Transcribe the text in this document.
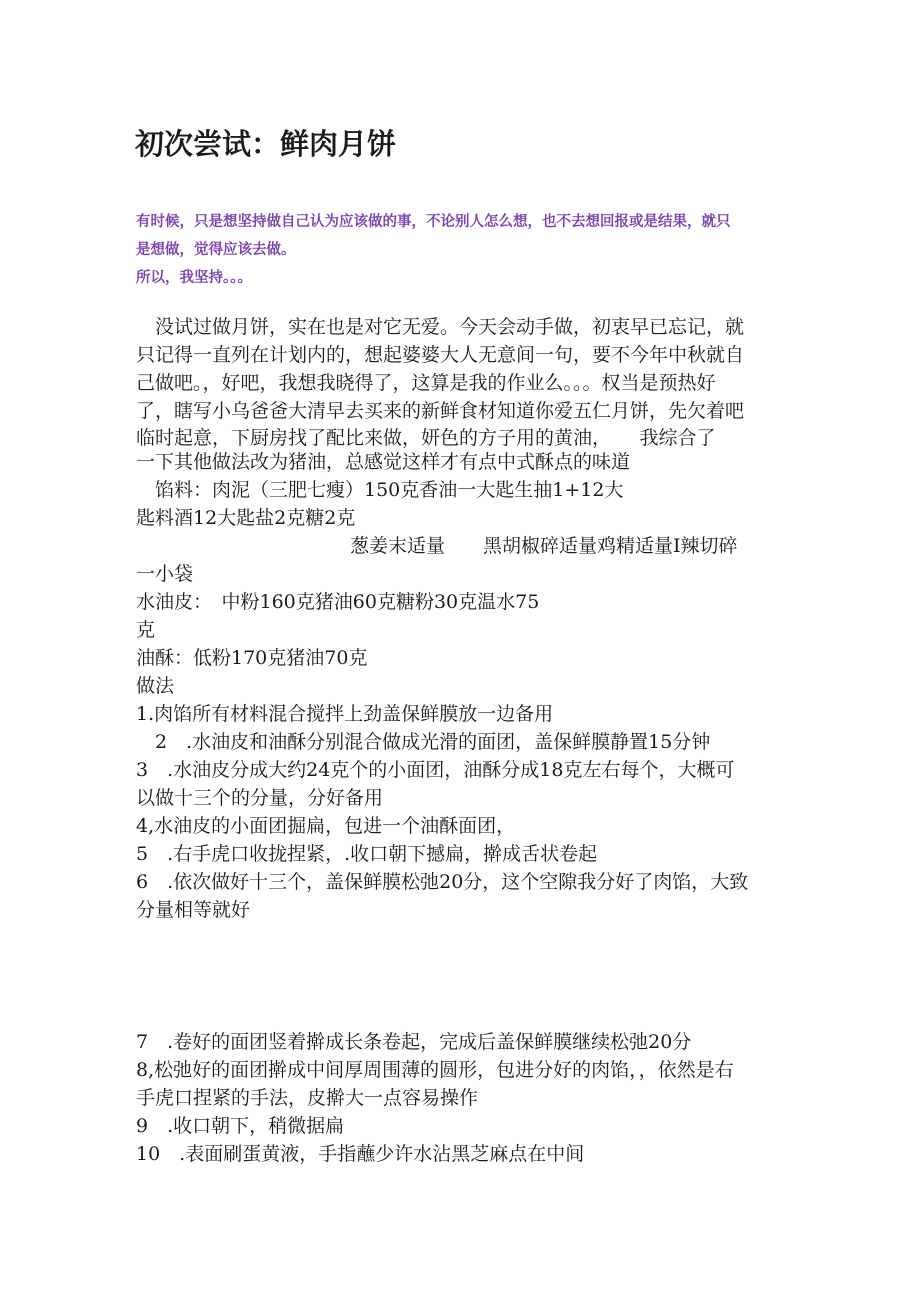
初次尝试：鲜肉月饼
有时候，只是想坚持做自己认为应该做的事，不论别人怎么想，也不去想回报或是结果，就只
是想做，觉得应该去做。
所以，我坚持。。。
　没试过做月饼，实在也是对它无爱。今天会动手做，初衷早已忘记，就
只记得一直列在计划内的，想起婆婆大人无意间一句，要不今年中秋就自
己做吧。，好吧，我想我晓得了，这算是我的作业么。。。权当是预热好
了，瞎写小乌爸爸大清早去买来的新鲜食材知道你爱五仁月饼，先欠着吧
临时起意，下厨房找了配比来做，妍色的方子用的黄油，　　我综合了
一下其他做法改为猪油，总感觉这样才有点中式酥点的味道
　馅料：肉泥（三肥七瘦）150克香油一大匙生抽1+12大
匙料酒12大匙盐2克糖2克
葱姜末适量　　黑胡椒碎适量鸡精适量I辣切碎
一小袋
水油皮：　中粉160克猪油60克糖粉30克温水75
克
油酥：低粉170克猪油70克
做法
1.肉馅所有材料混合搅拌上劲盖保鲜膜放一边备用
　2　.水油皮和油酥分别混合做成光滑的面团，盖保鲜膜静置15分钟
3　.水油皮分成大约24克个的小面团，油酥分成18克左右每个，大概可
以做十三个的分量，分好备用
4,水油皮的小面团掘扁，包进一个油酥面团，
5　.右手虎口收拢捏紧，.收口朝下撼扁，擀成舌状卷起
6　.依次做好十三个，盖保鲜膜松弛20分，这个空隙我分好了肉馅，大致
分量相等就好
7　.卷好的面团竖着擀成长条卷起，完成后盖保鲜膜继续松弛20分
8,松弛好的面团擀成中间厚周围薄的圆形，包进分好的肉馅，，依然是右
手虎口捏紧的手法，皮擀大一点容易操作
9　.收口朝下，稍微据扁
10　.表面刷蛋黄液，手指蘸少许水沾黑芝麻点在中间
